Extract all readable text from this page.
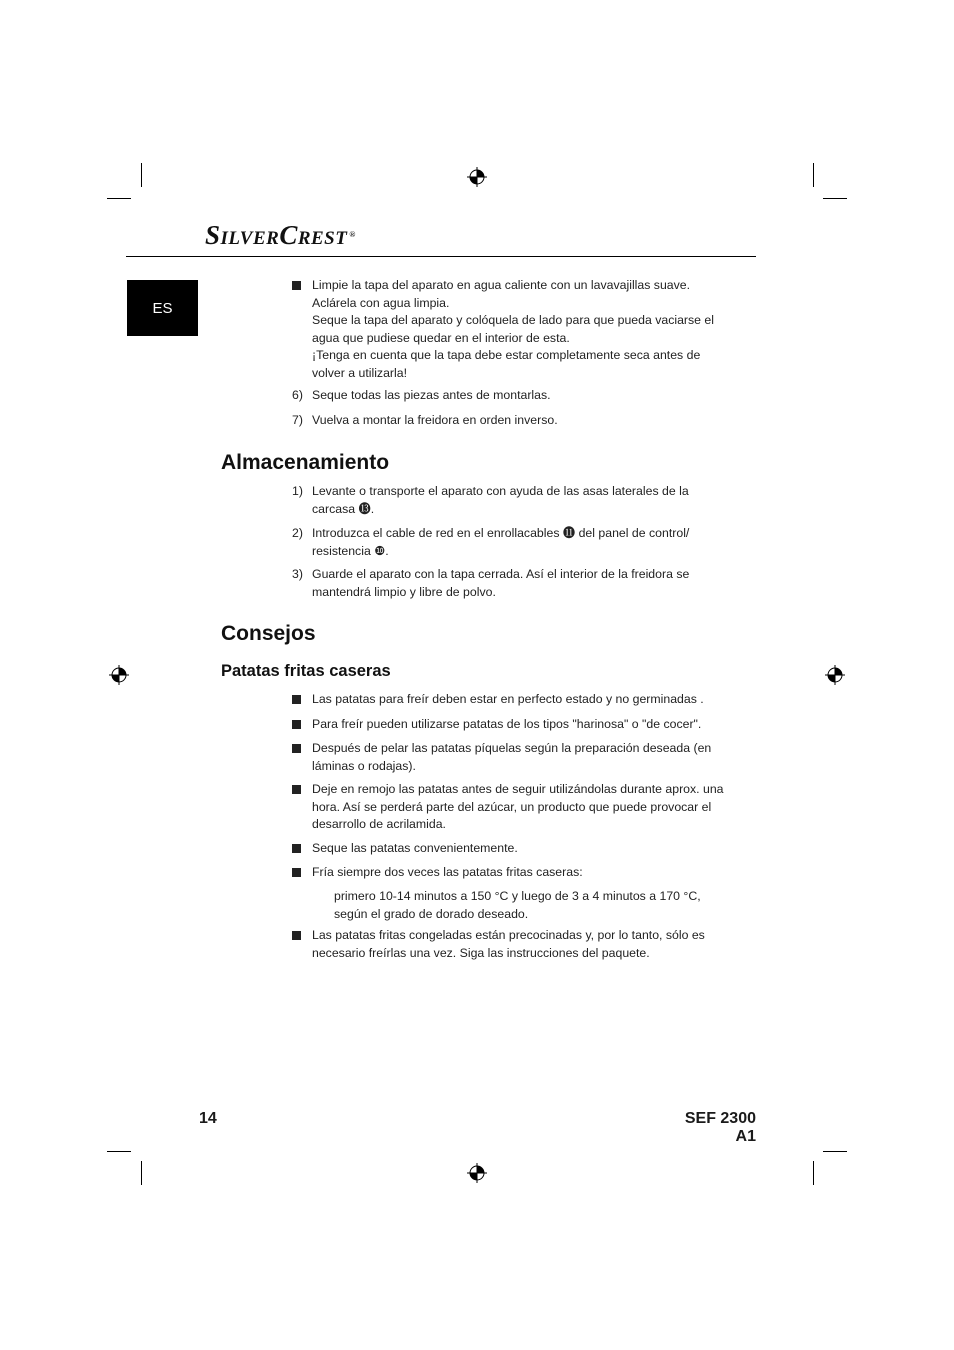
SilverCrest ®
ES
Limpie la tapa del aparato en agua caliente con un lavavajillas suave.
Aclárela con agua limpia.
Seque la tapa del aparato y colóquela de lado para que pueda vaciarse el
agua que pudiese quedar en el interior de esta.
¡Tenga en cuenta que la tapa debe estar completamente seca antes de
volver a utilizarla!
6) Seque todas las piezas antes de montarlas.
7) Vuelva a montar la freidora en orden inverso.
Almacenamiento
1) Levante o transporte el aparato con ayuda de las asas laterales de la
carcasa ⓭.
2) Introduzca el cable de red en el enrollacables ⓫ del panel de control/
resistencia ❿.
3) Guarde el aparato con la tapa cerrada. Así el interior de la freidora se
mantendrá limpio y libre de polvo.
Consejos
Patatas fritas caseras
Las patatas para freír deben estar en perfecto estado y no germinadas .
Para freír pueden utilizarse patatas de los tipos "harinosa" o "de cocer".
Después de pelar las patatas píquelas según la preparación deseada (en
láminas o rodajas).
Deje en remojo las patatas antes de seguir utilizándolas durante aprox. una
hora. Así se perderá parte del azúcar, un producto que puede provocar el
desarrollo de acrilamida.
Seque las patatas convenientemente.
Fría siempre dos veces las patatas fritas caseras:
primero 10-14 minutos a 150 °C y luego de 3 a 4 minutos a 170 °C,
según el grado de dorado deseado.
Las patatas fritas congeladas están precocinadas y, por lo tanto, sólo es
necesario freírlas una vez. Siga las instrucciones del paquete.
14	SEF 2300 A1
